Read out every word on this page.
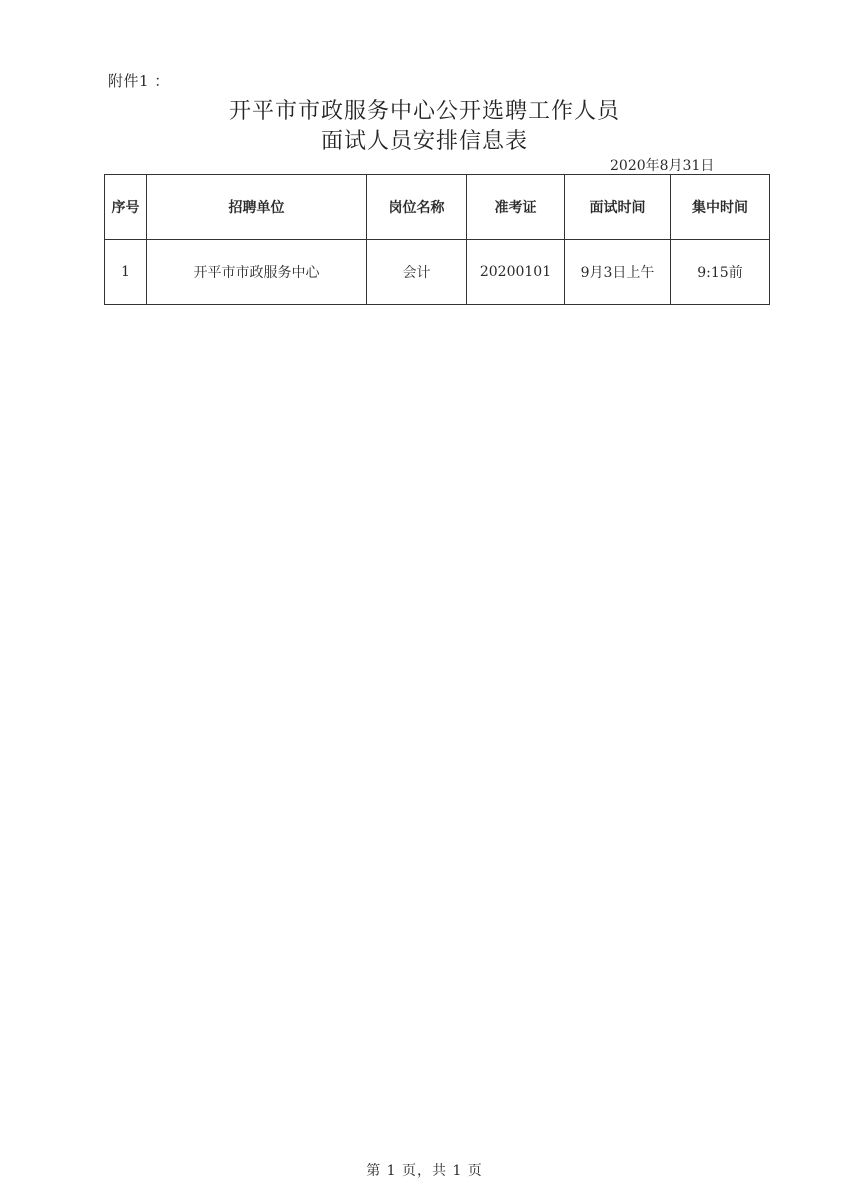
附件1 ：
开平市市政服务中心公开选聘工作人员
面试人员安排信息表
2020年8月31日
序号	招聘单位	岗位名称	准考证	面试时间	集中时间
1	开平市市政服务中心	会计	20200101	9月3日上午	9:15前
第 1 页，共 1 页
